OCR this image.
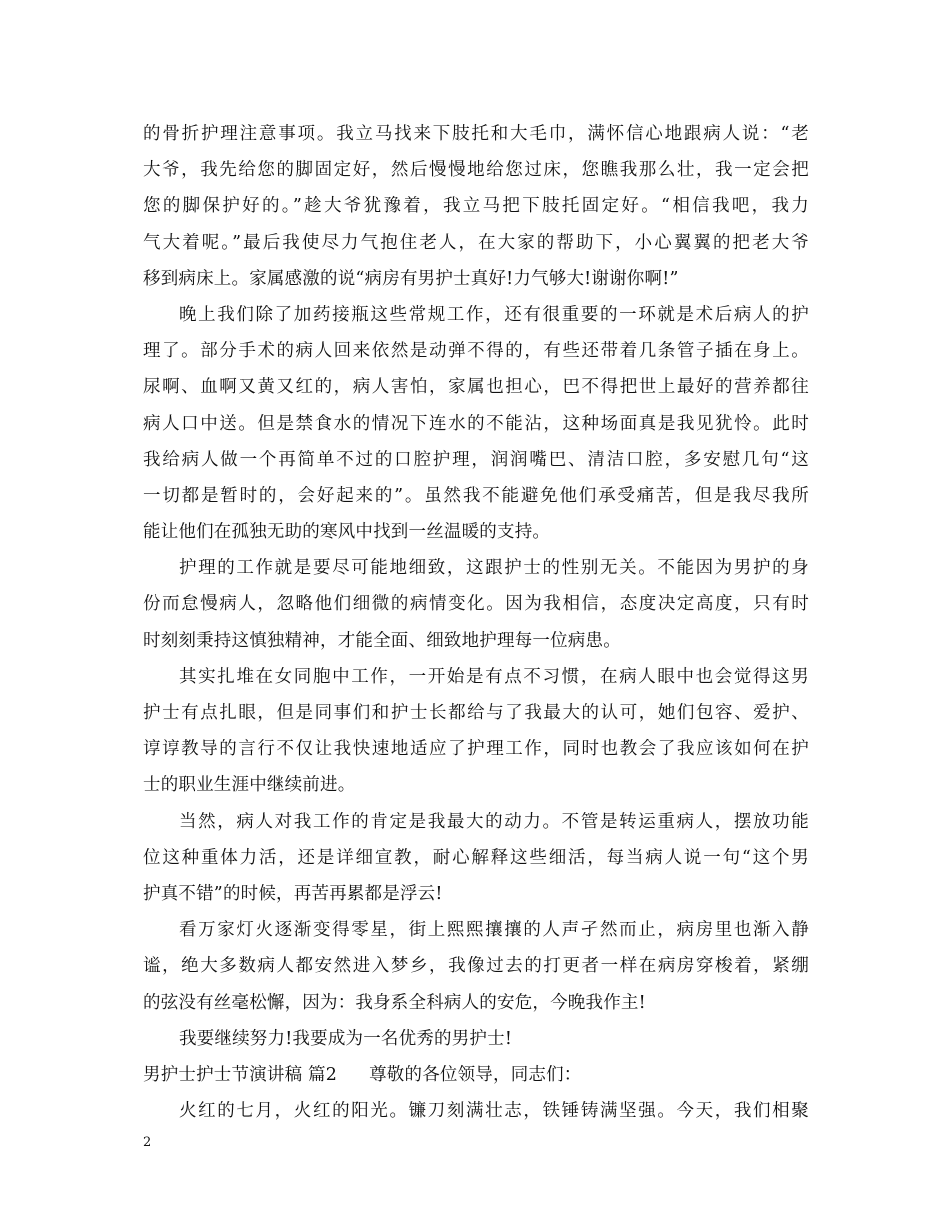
的骨折护理注意事项。我立马找来下肢托和大毛巾，满怀信心地跟病人说：“老
大爷，我先给您的脚固定好，然后慢慢地给您过床，您瞧我那么壮，我一定会把
您的脚保护好的。”趁大爷犹豫着，我立马把下肢托固定好。“相信我吧，我力
气大着呢。”最后我使尽力气抱住老人，在大家的帮助下，小心翼翼的把老大爷
移到病床上。家属感激的说“病房有男护士真好!力气够大!谢谢你啊!”
晚上我们除了加药接瓶这些常规工作，还有很重要的一环就是术后病人的护
理了。部分手术的病人回来依然是动弹不得的，有些还带着几条管子插在身上。
尿啊、血啊又黄又红的，病人害怕，家属也担心，巴不得把世上最好的营养都往
病人口中送。但是禁食水的情况下连水的不能沾，这种场面真是我见犹怜。此时
我给病人做一个再简单不过的口腔护理，润润嘴巴、清洁口腔，多安慰几句“这
一切都是暂时的，会好起来的”。虽然我不能避免他们承受痛苦，但是我尽我所
能让他们在孤独无助的寒风中找到一丝温暖的支持。
护理的工作就是要尽可能地细致，这跟护士的性别无关。不能因为男护的身
份而怠慢病人，忽略他们细微的病情变化。因为我相信，态度决定高度，只有时
时刻刻秉持这慎独精神，才能全面、细致地护理每一位病患。
其实扎堆在女同胞中工作，一开始是有点不习惯，在病人眼中也会觉得这男
护士有点扎眼，但是同事们和护士长都给与了我最大的认可，她们包容、爱护、
谆谆教导的言行不仅让我快速地适应了护理工作，同时也教会了我应该如何在护
士的职业生涯中继续前进。
当然，病人对我工作的肯定是我最大的动力。不管是转运重病人，摆放功能
位这种重体力活，还是详细宣教，耐心解释这些细活，每当病人说一句“这个男
护真不错”的时候，再苦再累都是浮云!
看万家灯火逐渐变得零星，街上熙熙攘攘的人声孑然而止，病房里也渐入静
谧，绝大多数病人都安然进入梦乡，我像过去的打更者一样在病房穿梭着，紧绷
的弦没有丝毫松懈，因为：我身系全科病人的安危，今晚我作主!
我要继续努力!我要成为一名优秀的男护士!
男护士护士节演讲稿 篇2 尊敬的各位领导，同志们：
火红的七月，火红的阳光。镰刀刻满壮志，铁锤铸满坚强。今天，我们相聚
2
